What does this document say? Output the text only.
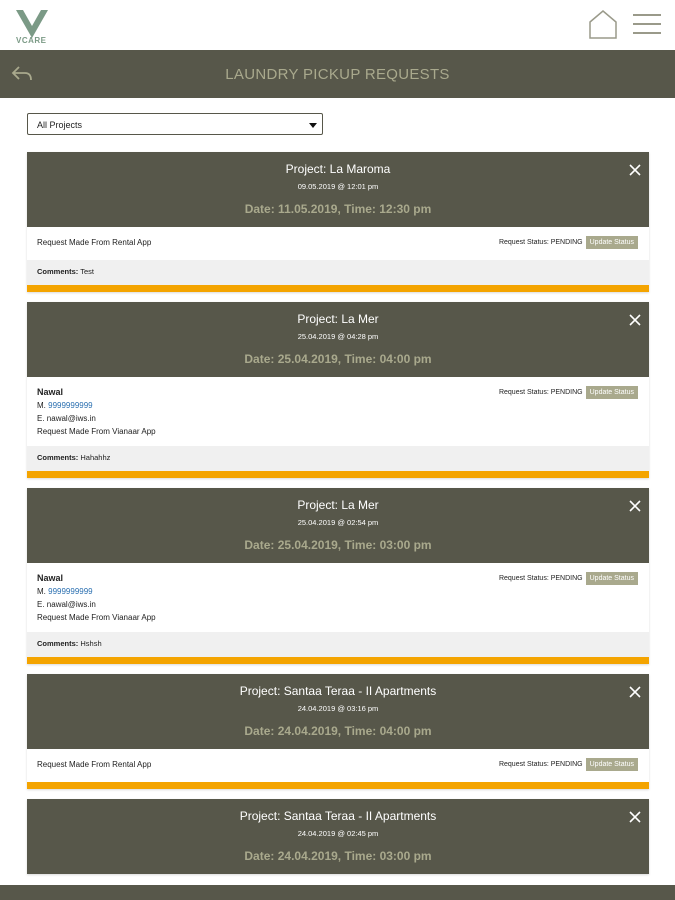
VCARE
LAUNDRY PICKUP REQUESTS
All Projects
Project: La Maroma
09.05.2019 @ 12:01 pm
Date: 11.05.2019, Time: 12:30 pm
Request Made From Rental App	Request Status:
PENDING	Update Status
Comments: Test
Project: La Mer
25.04.2019 @ 04:28 pm
Date: 25.04.2019, Time: 04:00 pm
Nawal
M. 9999999999
E. nawal@iws.in
Request Made From Vianaar App
Request Status:
PENDING	Update Status
Comments: Hahahhz
Project: La Mer
25.04.2019 @ 02:54 pm
Date: 25.04.2019, Time: 03:00 pm
Nawal
M. 9999999999
E. nawal@iws.in
Request Made From Vianaar App
Request Status:
PENDING	Update Status
Comments: Hshsh
Project: Santaa Teraa - II Apartments
24.04.2019 @ 03:16 pm
Date: 24.04.2019, Time: 04:00 pm
Request Made From Rental App	Request Status:
PENDING	Update Status
Project: Santaa Teraa - II Apartments
24.04.2019 @ 02:45 pm
Date: 24.04.2019, Time: 03:00 pm
